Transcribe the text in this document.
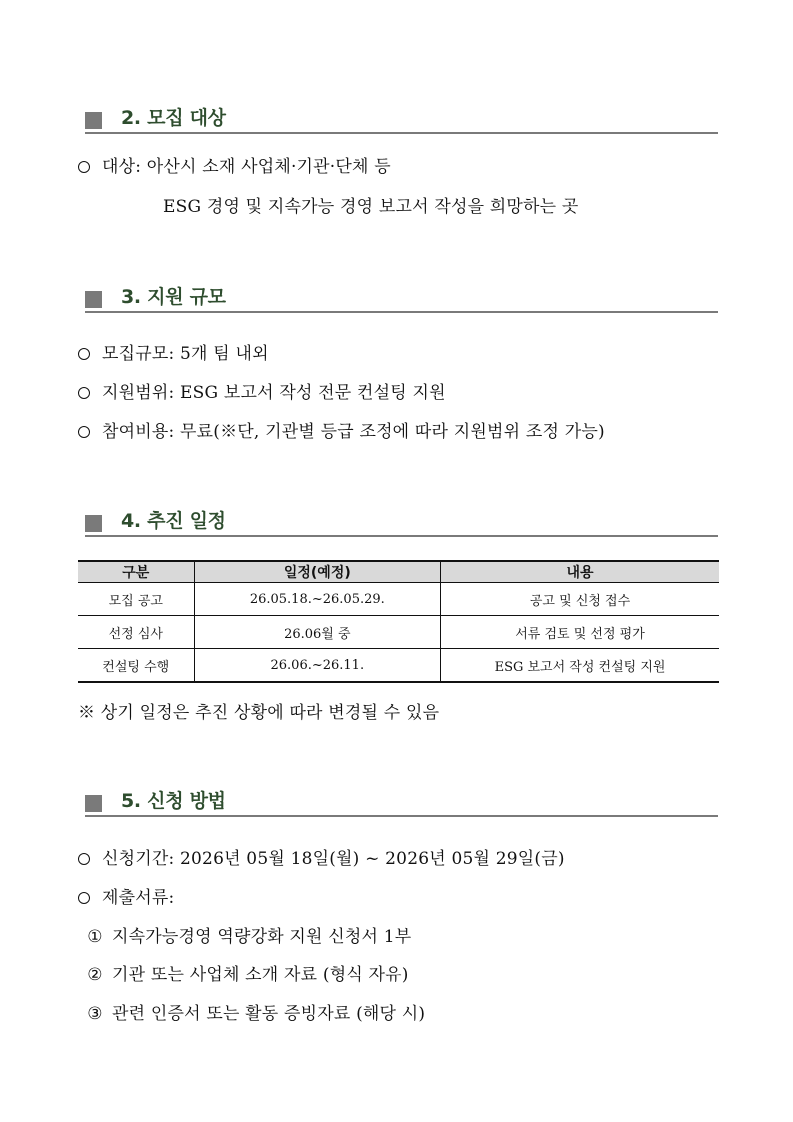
2. 모집 대상
대상: 아산시 소재 사업체·기관·단체 등
ESG 경영 및 지속가능 경영 보고서 작성을 희망하는 곳
3. 지원 규모
모집규모: 5개 팀 내외
지원범위: ESG 보고서 작성 전문 컨설팅 지원
참여비용: 무료(※단, 기관별 등급 조정에 따라 지원범위 조정 가능)
4. 추진 일정
구분	일정(예정)	내용
모집 공고	26.05.18.~26.05.29.	공고 및 신청 접수
선정 심사	26.06월 중	서류 검토 및 선정 평가
컨설팅 수행	26.06.~26.11.	ESG 보고서 작성 컨설팅 지원
※ 상기 일정은 추진 상황에 따라 변경될 수 있음
5. 신청 방법
신청기간: 2026년 05월 18일(월) ~ 2026년 05월 29일(금)
제출서류:
① 지속가능경영 역량강화 지원 신청서 1부
② 기관 또는 사업체 소개 자료 (형식 자유)
③ 관련 인증서 또는 활동 증빙자료 (해당 시)
